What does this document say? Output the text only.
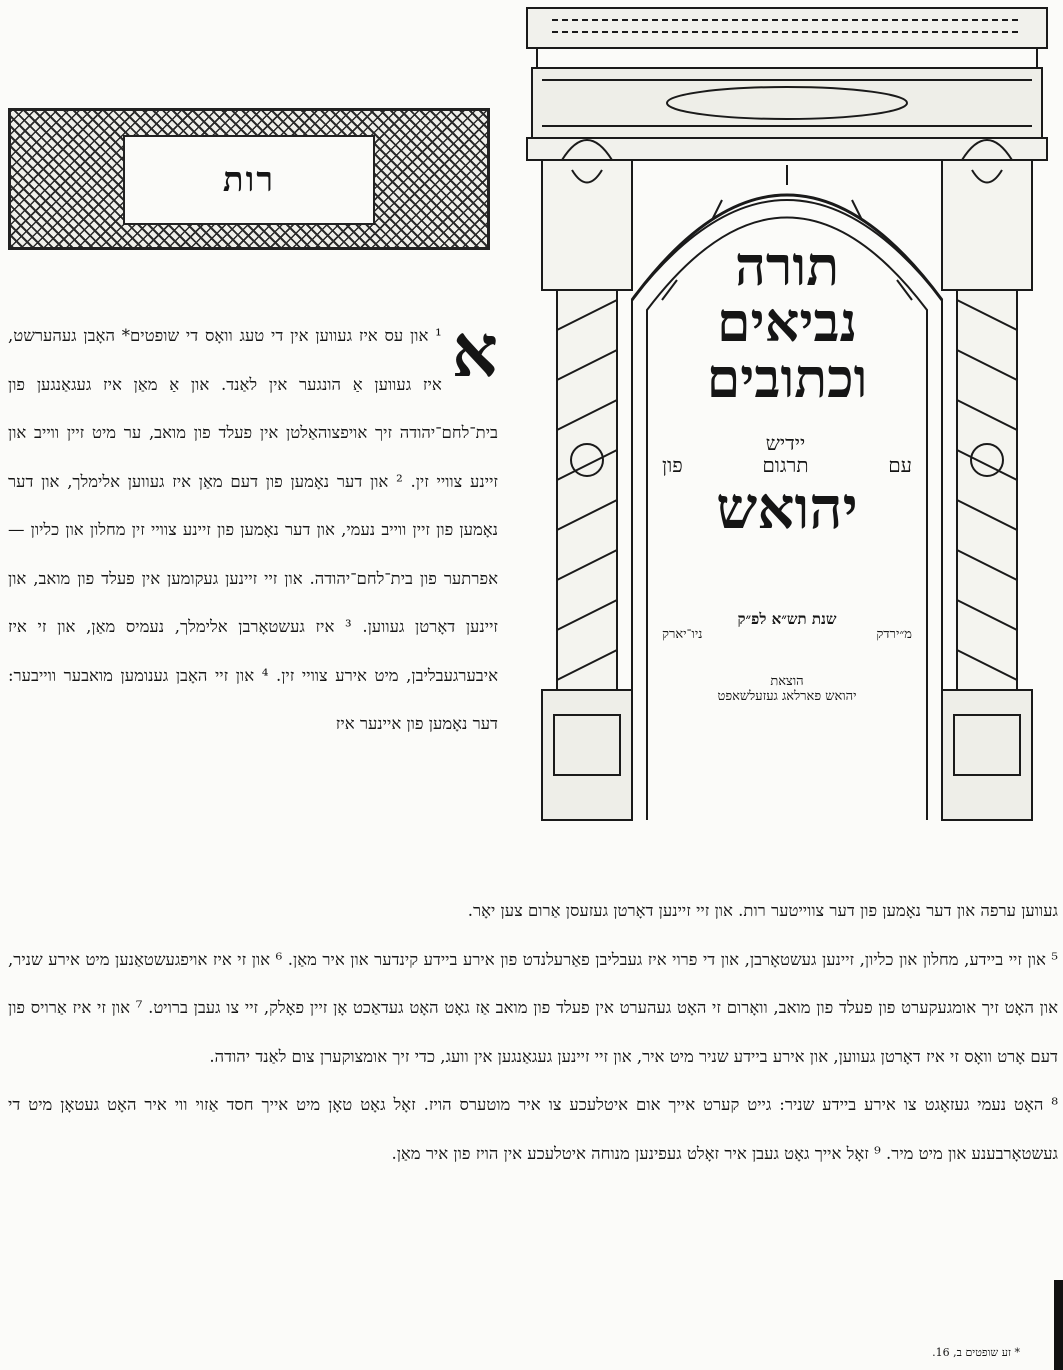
רות
תורה
נביאים
וכתובים
עם
יידיש
תרגום
פון
יהואש
שנת תש״א לפ״ק
מ״ירדק
ניו־יארק
הוצאת
יהואש פארלאג געזעלשאפט
א
¹ און עס איז געווען אין די טעג וואָס די שופטים* האָבן געהערשט, איז געווען אַ הונגער אין לאַנד. און אַ מאַן איז געגאַנגען פון בית־לחם־יהודה זיך אויפצוהאַלטן אין פעלד פון מואב, ער מיט זיין ווייב און זיינע צוויי זין. ² און דער נאָמען פון דעם מאַן איז געווען אלימלך, און דער נאָמען פון זיין ווייב נעמי, און דער נאָמען פון זיינע צוויי זין מחלון און כליון — אפרתער פון בית־לחם־יהודה. און זיי זיינען געקומען אין פעלד פון מואב, און זיינען דאָרטן געווען. ³ איז געשטאָרבן אלימלך, נעמיס מאַן, און זי איז איבערגעבליבן, מיט אירע צוויי זין. ⁴ און זיי האָבן גענומען מואבער ווייבער: דער נאָמען פון איינער איז

געווען ערפה און דער נאָמען פון דער צווייטער רות. און זיי זיינען דאָרטן געזעסן אַרום צען יאָר.

⁵ און זיי ביידע, מחלון און כליון, זיינען געשטאָרבן, און די פרוי איז געבליבן פאַרעלנדט פון אירע ביידע קינדער און איר מאַן. ⁶ און זי איז אויפגעשטאַנען מיט אירע שניר, און האָט זיך אומגעקערט פון פעלד פון מואב, וואָרום זי האָט געהערט אין פעלד פון מואב אַז גאָט האָט געדאַכט אָן זיין פאָלק, זיי צו געבן ברויט. ⁷ און זי איז אַרויס פון דעם אָרט וואָס זי איז דאָרטן געווען, און אירע ביידע שניר מיט איר, און זיי זיינען געגאַנגען אין וועג, כדי זיך אומצוקערן צום לאַנד יהודה.

⁸ האָט נעמי געזאָגט צו אירע ביידע שניר: גייט קערט אייך אום איטלעכע צו איר מוטערס הויז. זאָל גאָט טאָן מיט אייך חסד אַזוי ווי איר האָט געטאָן מיט די געשטאָרבענע און מיט מיר. ⁹ זאָל אייך גאָט געבן איר זאָלט געפינען מנוחה איטלעכע אין הויז פון איר מאַן.

* זע שופטים ב, 16.
